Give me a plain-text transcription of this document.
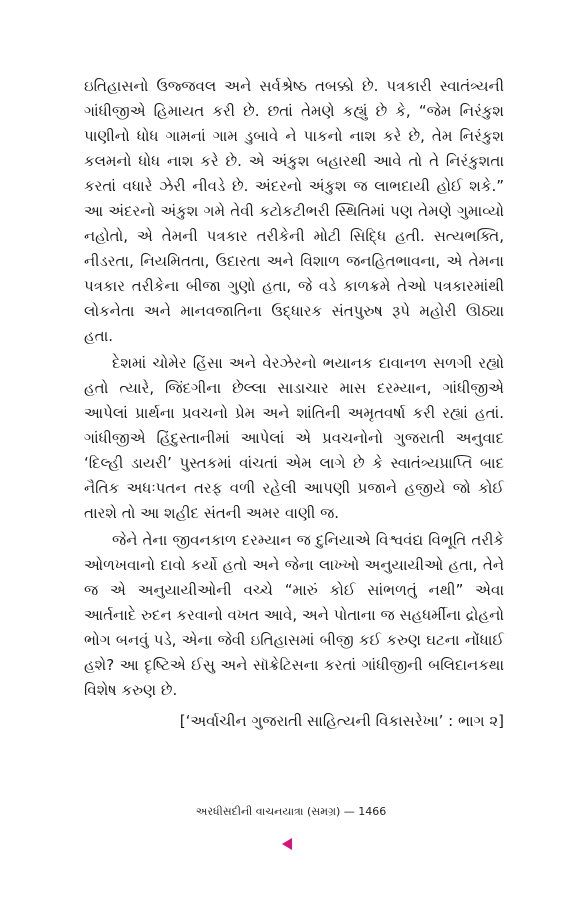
ઇતિહાસનો ઉજ્જવલ અને સર્વશ્રેષ્ઠ તબક્કો છે. પત્રકારી સ્વાતંત્ર્યની ગાંધીજીએ હિમાયત કરી છે. છતાં તેમણે કહ્યું છે કે, “જેમ નિરંકુશ પાણીનો ધોધ ગામનાં ગામ ડુબાવે ને પાકનો નાશ કરે છે, તેમ નિરંકુશ કલમનો ધોધ નાશ કરે છે. એ અંકુશ બહારથી આવે તો તે નિરંકુશતા કરતાં વધારે ઝેરી નીવડે છે. અંદરનો અંકુશ જ લાભદાયી હોઈ શકે.” આ અંદરનો અંકુશ ગમે તેવી કટોકટીભરી સ્થિતિમાં પણ તેમણે ગુમાવ્યો નહોતો, એ તેમની પત્રકાર તરીકેની મોટી સિદ્ધિ હતી. સત્યભક્તિ, નીડરતા, નિયમિતતા, ઉદારતા અને વિશાળ જનહિતભાવના, એ તેમના પત્રકાર તરીકેના બીજા ગુણો હતા, જે વડે કાળક્રમે તેઓ પત્રકારમાંથી લોકનેતા અને માનવજાતિના ઉદ્ધારક સંતપુરુષ રૂપે મહોરી ઊઠ્યા હતા.

દેશમાં ચોમેર હિંસા અને વેરઝેરનો ભયાનક દાવાનળ સળગી રહ્યો હતો ત્યારે, જિંદગીના છેલ્લા સાડાચાર માસ દરમ્યાન, ગાંધીજીએ આપેલાં પ્રાર્થના પ્રવચનો પ્રેમ અને શાંતિની અમૃતવર્ષા કરી રહ્યાં હતાં. ગાંધીજીએ હિંદુસ્તાનીમાં આપેલાં એ પ્રવચનોનો ગુજરાતી અનુવાદ ‘દિલ્હી ડાયરી’ પુસ્તકમાં વાંચતાં એમ લાગે છે કે સ્વાતંત્ર્યપ્રાપ્તિ બાદ નૈતિક અધઃપતન તરફ વળી રહેલી આપણી પ્રજાને હજીયે જો કોઈ તારશે તો આ શહીદ સંતની અમર વાણી જ.

જેને તેના જીવનકાળ દરમ્યાન જ દુનિયાએ વિશ્વવંદ્ય વિભૂતિ તરીકે ઓળખવાનો દાવો કર્યો હતો અને જેના લાખ્ખો અનુયાયીઓ હતા, તેને જ એ અનુયાયીઓની વચ્ચે “મારું કોઈ સાંભળતું નથી” એવા આર્તનાદે રુદન કરવાનો વખત આવે, અને પોતાના જ સહધર્મીના દ્રોહનો ભોગ બનવું પડે, એના જેવી ઇતિહાસમાં બીજી કઈ કરુણ ઘટના નોંધાઈ હશે? આ દૃષ્ટિએ ઈસુ અને સૉક્રેટિસના કરતાં ગાંધીજીની બલિદાનકથા વિશેષ કરુણ છે.

[‘અર્વાચીન ગુજરાતી સાહિત્યની વિકાસરેખા’ : ભાગ ૨]
અરધીસદીની વાચનયાત્રા (સમગ્ર) — 1466
